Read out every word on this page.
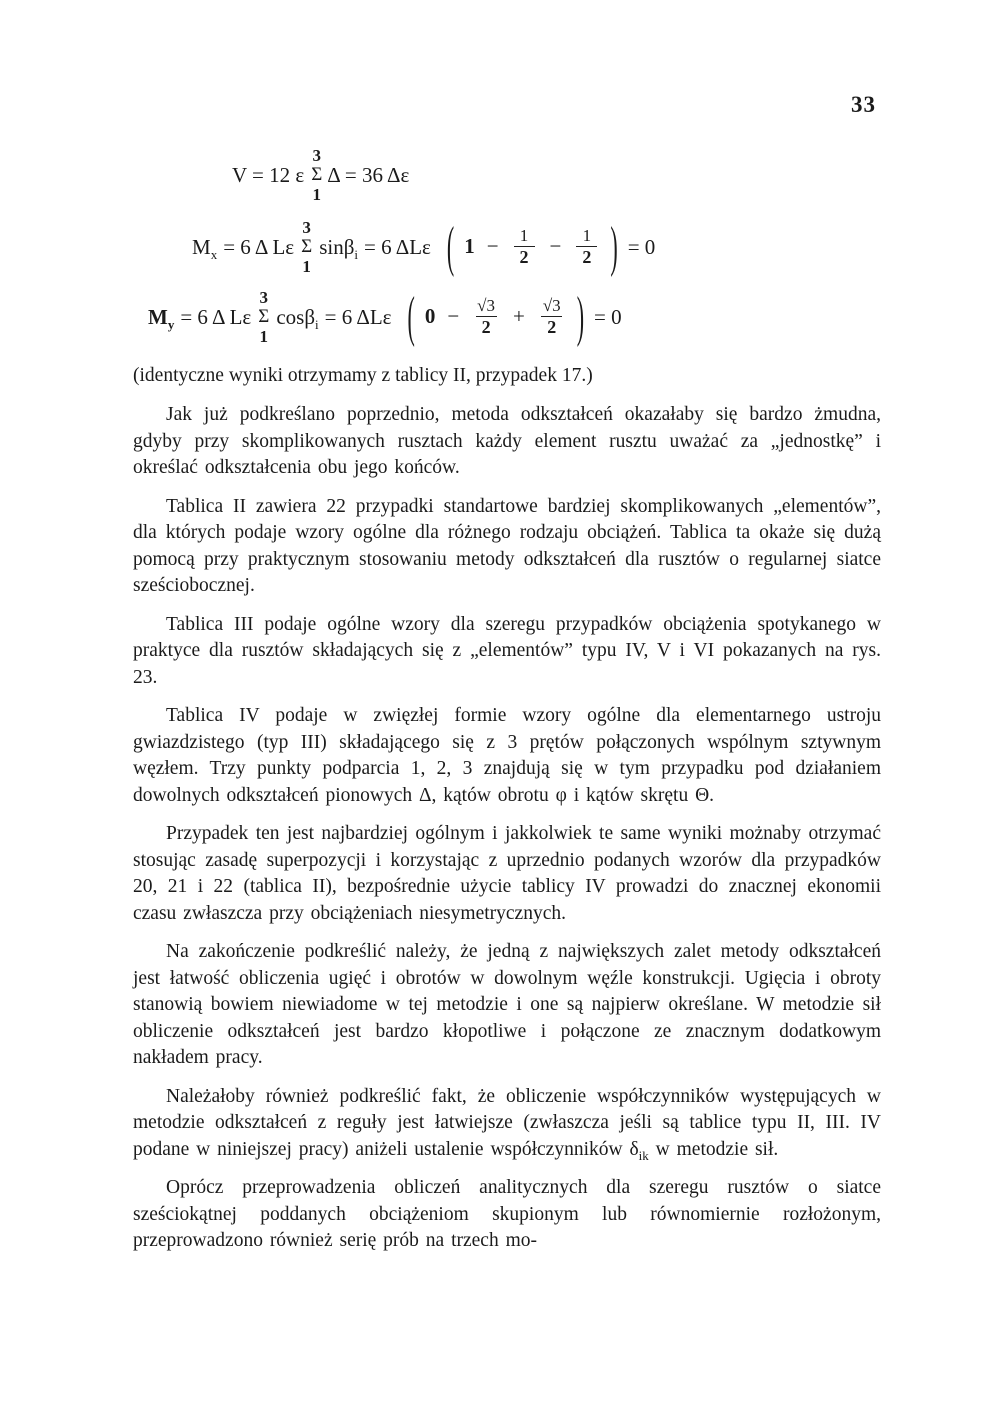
33
V = 12 ε
3
Σ
1
Δ = 36 Δε
$M_x = 6$ Δ Lε
3
Σ
1
sinβ$_i$ = 6 ΔLε ( $1 - \frac{1}{2} - \frac{1}{2}$ ) = 0
$M_y = 6$ Δ Lε
3
Σ
1
cosβ$_i$ = 6 ΔLε ( $0 - \frac{√3}{2} + \frac{√3}{2}$ ) = 0
(identyczne wyniki otrzymamy z tablicy II, przypadek 17.)

Jak już podkreślano poprzednio, metoda odkształceń okazałaby się bardzo żmudna, gdyby przy skomplikowanych rusztach każdy element rusztu uważać za „jednostkę” i określać odkształcenia obu jego końców.

Tablica II zawiera 22 przypadki standartowe bardziej skomplikowanych „elementów”, dla których podaje wzory ogólne dla różnego rodzaju obciążeń. Tablica ta okaże się dużą pomocą przy praktycznym stosowaniu metody odkształceń dla rusztów o regularnej siatce sześciobocznej.

Tablica III podaje ogólne wzory dla szeregu przypadków obciążenia spotykanego w praktyce dla rusztów składających się z „elementów” typu IV, V i VI pokazanych na rys. 23.

Tablica IV podaje w zwięzłej formie wzory ogólne dla elementarnego ustroju gwiazdzistego (typ III) składającego się z 3 prętów połączonych wspólnym sztywnym węzłem. Trzy punkty podparcia 1, 2, 3 znajdują się w tym przypadku pod działaniem dowolnych odkształceń pionowych Δ, kątów obrotu φ i kątów skrętu Θ.

Przypadek ten jest najbardziej ogólnym i jakkolwiek te same wyniki możnaby otrzymać stosując zasadę superpozycji i korzystając z uprzednio podanych wzorów dla przypadków 20, 21 i 22 (tablica II), bezpośrednie użycie tablicy IV prowadzi do znacznej ekonomii czasu zwłaszcza przy obciążeniach niesymetrycznych.

Na zakończenie podkreślić należy, że jedną z największych zalet metody odkształceń jest łatwość obliczenia ugięć i obrotów w dowolnym węźle konstrukcji. Ugięcia i obroty stanowią bowiem niewiadome w tej metodzie i one są najpierw określane. W metodzie sił obliczenie odkształceń jest bardzo kłopotliwe i połączone ze znacznym dodatkowym nakładem pracy.

Należałoby również podkreślić fakt, że obliczenie współczynników występujących w metodzie odkształceń z reguły jest łatwiejsze (zwłaszcza jeśli są tablice typu II, III. IV podane w niniejszej pracy) aniżeli ustalenie współczynników $\delta_{ik}$ w metodzie sił.

Oprócz przeprowadzenia obliczeń analitycznych dla szeregu rusztów o siatce sześciokątnej poddanych obciążeniom skupionym lub równomiernie rozłożonym, przeprowadzono również serię prób na trzech mo-
